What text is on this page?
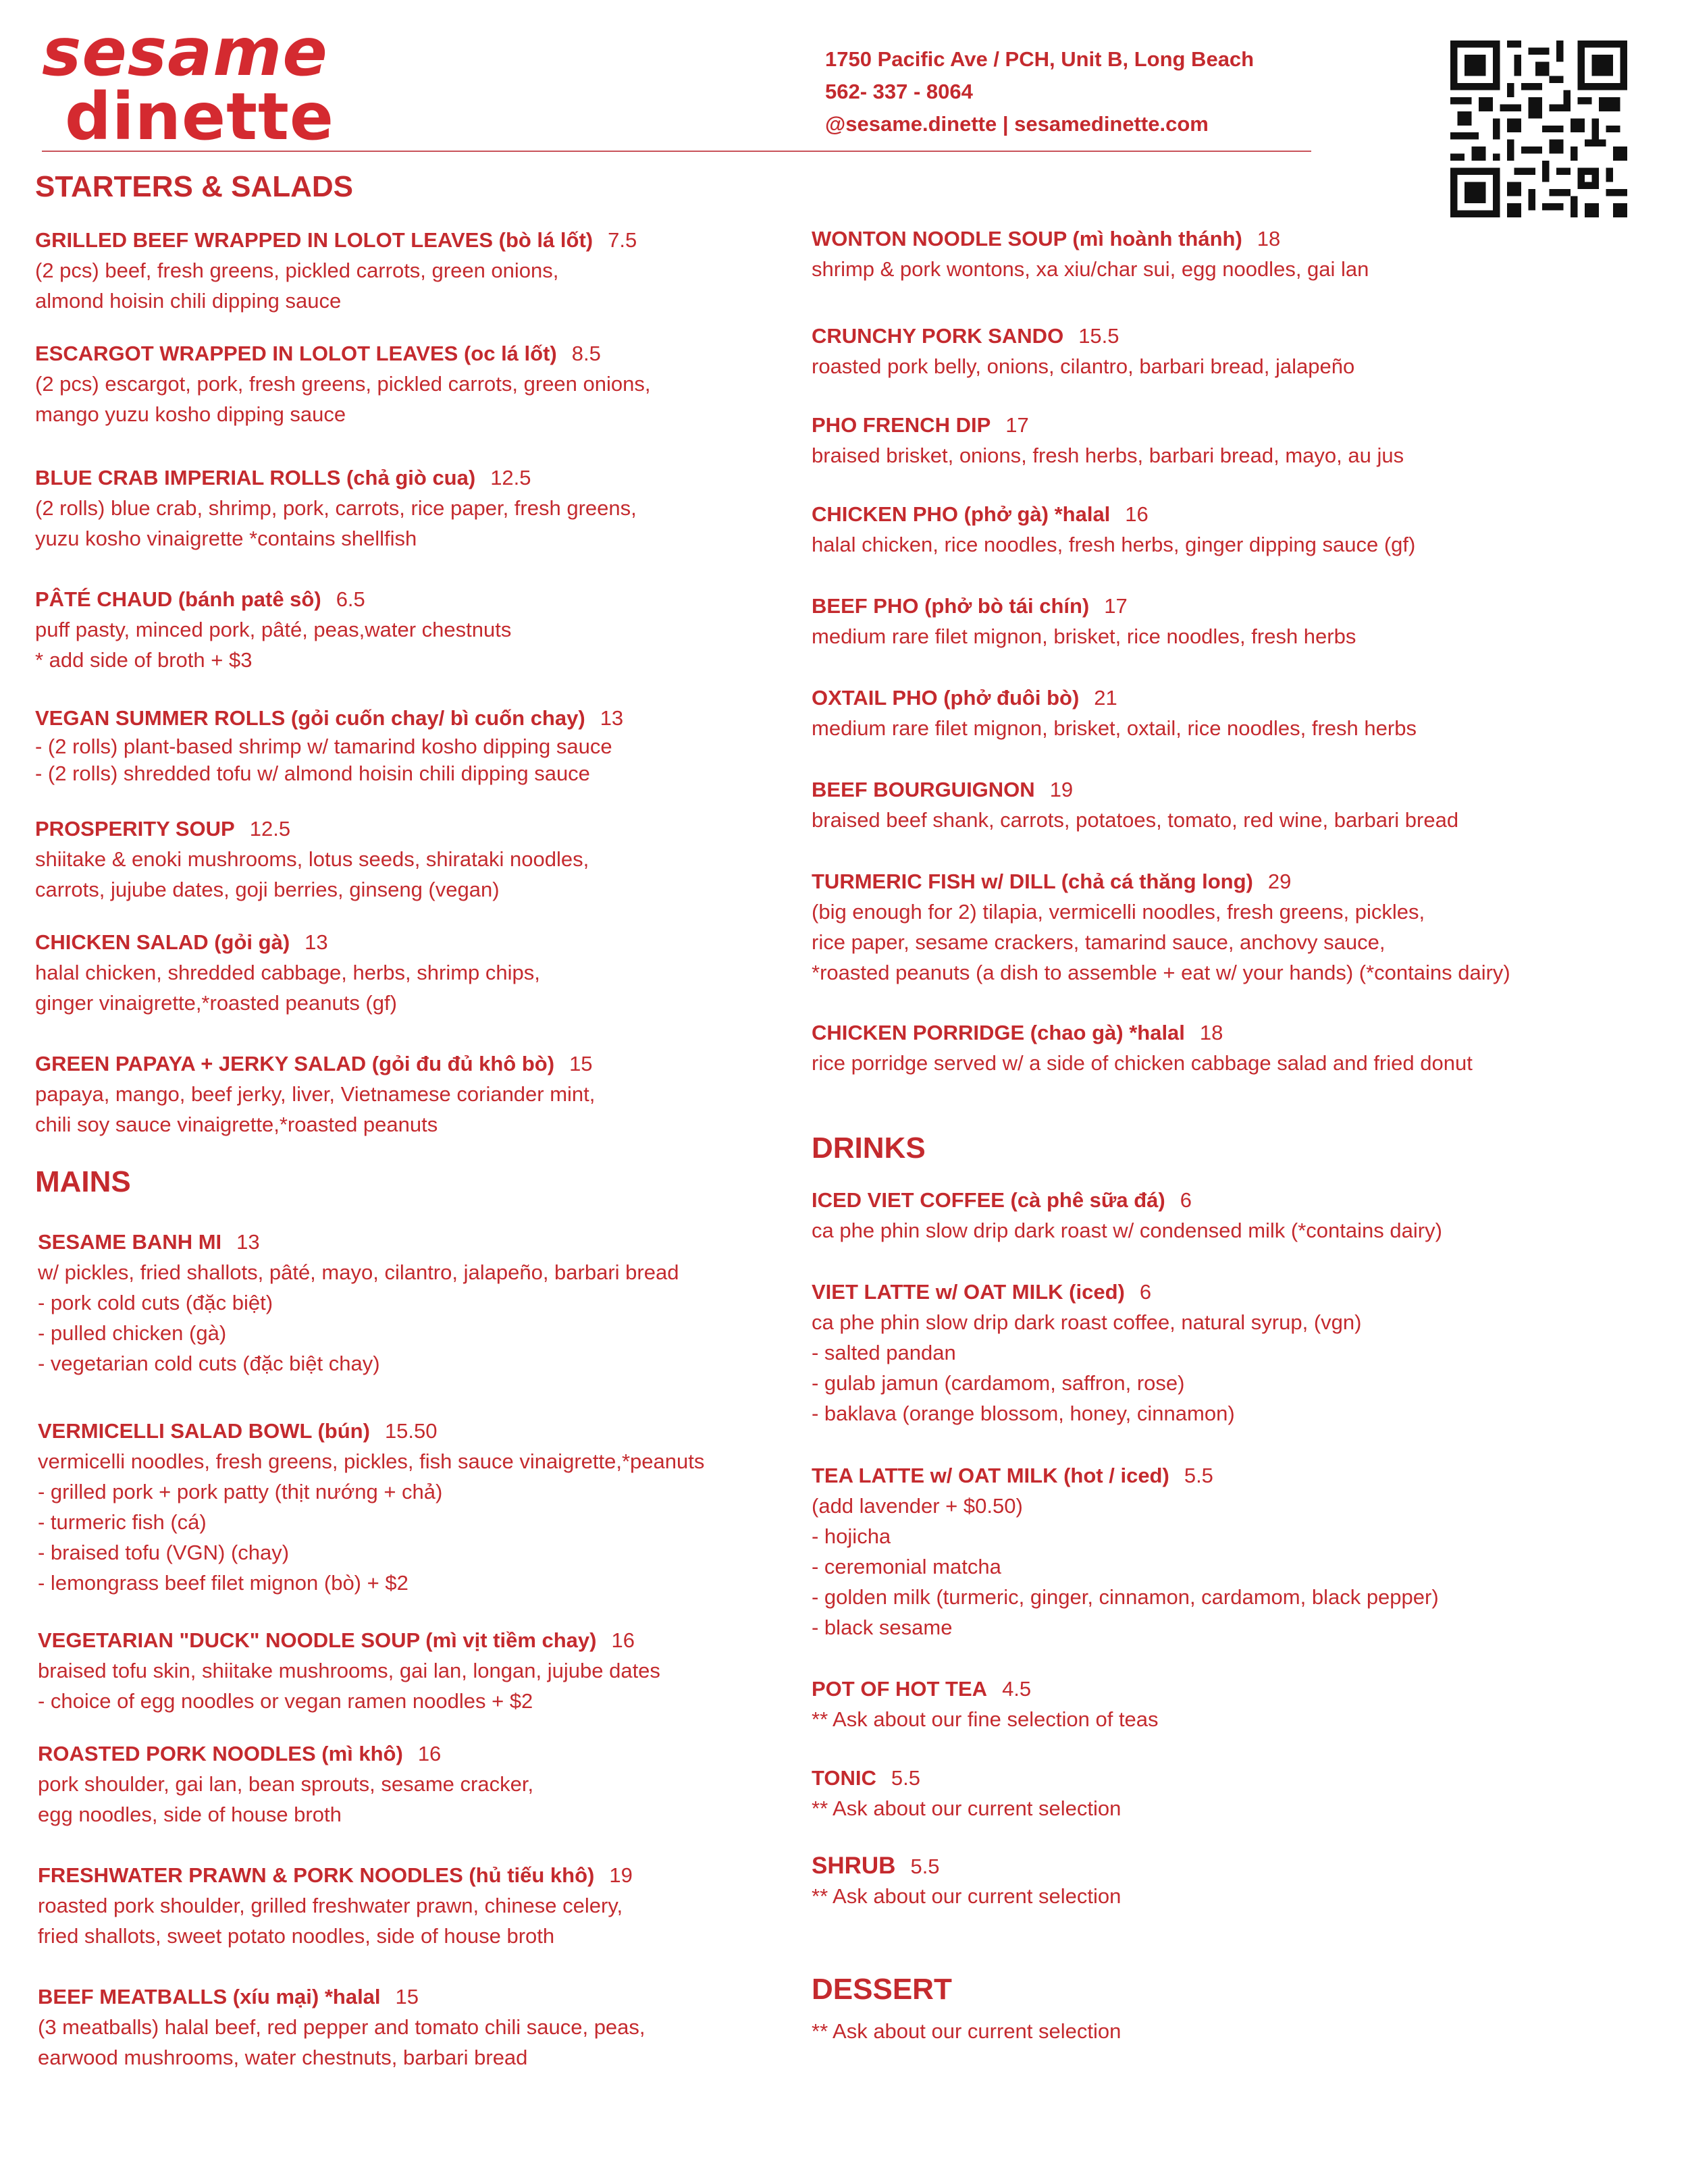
sesame
dinette
1750 Pacific Ave / PCH, Unit B, Long Beach
562- 337 - 8064
@sesame.dinette | sesamedinette.com
STARTERS & SALADS
GRILLED BEEF WRAPPED IN LOLOT LEAVES (bò lá lốt) 7.5
(2 pcs) beef, fresh greens, pickled carrots, green onions,
almond hoisin chili dipping sauce
ESCARGOT WRAPPED IN LOLOT LEAVES (oc lá lốt) 8.5
(2 pcs) escargot, pork, fresh greens, pickled carrots, green onions,
mango yuzu kosho dipping sauce
BLUE CRAB IMPERIAL ROLLS (chả giò cua) 12.5
(2 rolls) blue crab, shrimp, pork, carrots, rice paper, fresh greens,
yuzu kosho vinaigrette *contains shellfish
PÂTÉ CHAUD (bánh patê sô) 6.5
puff pasty, minced pork, pâté, peas,water chestnuts
* add side of broth + $3
VEGAN SUMMER ROLLS (gỏi cuốn chay/ bì cuốn chay) 13
- (2 rolls) plant-based shrimp w/ tamarind kosho dipping sauce
- (2 rolls) shredded tofu w/ almond hoisin chili dipping sauce
PROSPERITY SOUP 12.5
shiitake & enoki mushrooms, lotus seeds, shirataki noodles,
carrots, jujube dates, goji berries, ginseng (vegan)
CHICKEN SALAD (gỏi gà) 13
halal chicken, shredded cabbage, herbs, shrimp chips,
ginger vinaigrette,*roasted peanuts (gf)
GREEN PAPAYA + JERKY SALAD (gỏi đu đủ khô bò) 15
papaya, mango, beef jerky, liver, Vietnamese coriander mint,
chili soy sauce vinaigrette,*roasted peanuts
MAINS
SESAME BANH MI 13
w/ pickles, fried shallots, pâté, mayo, cilantro, jalapeño, barbari bread
- pork cold cuts (đặc biệt)
- pulled chicken (gà)
- vegetarian cold cuts (đặc biệt chay)
VERMICELLI SALAD BOWL (bún) 15.50
vermicelli noodles, fresh greens, pickles, fish sauce vinaigrette,*peanuts
- grilled pork + pork patty (thịt nướng + chả)
- turmeric fish (cá)
- braised tofu (VGN) (chay)
- lemongrass beef filet mignon (bò) + $2
VEGETARIAN "DUCK" NOODLE SOUP (mì vịt tiềm chay) 16
braised tofu skin, shiitake mushrooms, gai lan, longan, jujube dates
- choice of egg noodles or vegan ramen noodles + $2
ROASTED PORK NOODLES (mì khô) 16
pork shoulder, gai lan, bean sprouts, sesame cracker,
egg noodles, side of house broth
FRESHWATER PRAWN & PORK NOODLES (hủ tiếu khô) 19
roasted pork shoulder, grilled freshwater prawn, chinese celery,
fried shallots, sweet potato noodles, side of house broth
BEEF MEATBALLS (xíu mại) *halal 15
(3 meatballs) halal beef, red pepper and tomato chili sauce, peas,
earwood mushrooms, water chestnuts, barbari bread
WONTON NOODLE SOUP (mì hoành thánh) 18
shrimp & pork wontons, xa xiu/char sui, egg noodles, gai lan
CRUNCHY PORK SANDO 15.5
roasted pork belly, onions, cilantro, barbari bread, jalapeño
PHO FRENCH DIP 17
braised brisket, onions, fresh herbs, barbari bread, mayo, au jus
CHICKEN PHO (phở gà) *halal 16
halal chicken, rice noodles, fresh herbs, ginger dipping sauce (gf)
BEEF PHO (phở bò tái chín) 17
medium rare filet mignon, brisket, rice noodles, fresh herbs
OXTAIL PHO (phở đuôi bò) 21
medium rare filet mignon, brisket, oxtail, rice noodles, fresh herbs
BEEF BOURGUIGNON 19
braised beef shank, carrots, potatoes, tomato, red wine, barbari bread
TURMERIC FISH w/ DILL (chả cá thăng long) 29
(big enough for 2) tilapia, vermicelli noodles, fresh greens, pickles,
rice paper, sesame crackers, tamarind sauce, anchovy sauce,
*roasted peanuts (a dish to assemble + eat w/ your hands) (*contains dairy)
CHICKEN PORRIDGE (chao gà) *halal 18
rice porridge served w/ a side of chicken cabbage salad and fried donut
DRINKS
ICED VIET COFFEE (cà phê sữa đá) 6
ca phe phin slow drip dark roast w/ condensed milk (*contains dairy)
VIET LATTE w/ OAT MILK (iced) 6
ca phe phin slow drip dark roast coffee, natural syrup, (vgn)
- salted pandan
- gulab jamun (cardamom, saffron, rose)
- baklava (orange blossom, honey, cinnamon)
TEA LATTE w/ OAT MILK (hot / iced) 5.5
(add lavender + $0.50)
- hojicha
- ceremonial matcha
- golden milk (turmeric, ginger, cinnamon, cardamom, black pepper)
- black sesame
POT OF HOT TEA 4.5
** Ask about our fine selection of teas
TONIC 5.5
** Ask about our current selection
SHRUB 5.5
** Ask about our current selection
DESSERT
** Ask about our current selection
